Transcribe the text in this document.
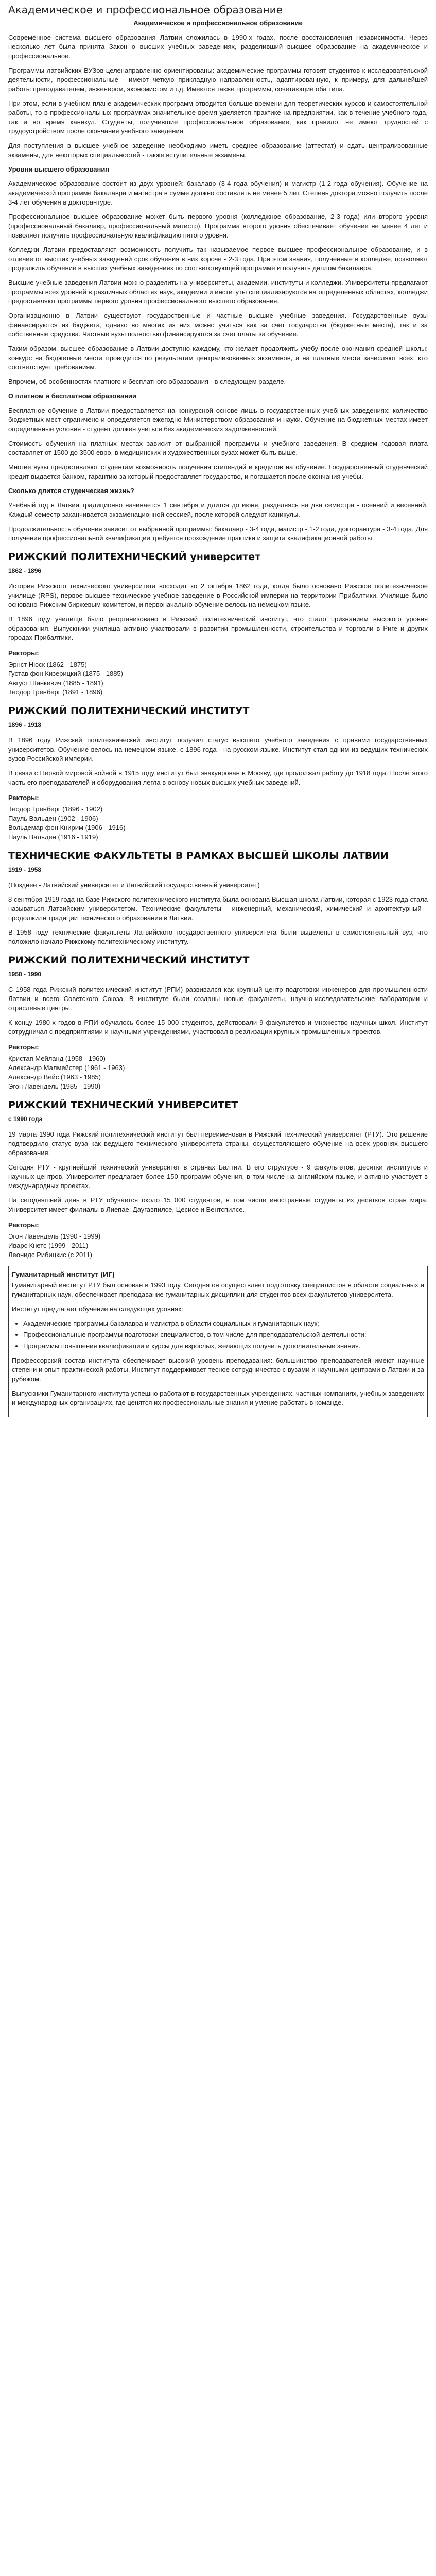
Академическое и профессиональное образование
Академическое и профессиональное образование

Современное система высшего образования Латвии сложилась в 1990-х годах, после восстановления независимости. Через несколько лет была принята Закон о высших учебных заведениях, разделивший высшее образование на академическое и профессиональное.

Программы латвийских ВУЗов целенаправленно ориентированы: академические программы готовят студентов к исследовательской деятельности, профессиональные - имеют четкую прикладную направленность, адаптированную, к примеру, для дальнейшей работы преподавателем, инженером, экономистом и т.д. Имеются также программы, сочетающие оба типа.

При этом, если в учебном плане академических программ отводится больше времени для теоретических курсов и самостоятельной работы, то в профессиональных программах значительное время уделяется практике на предприятии, как в течение учебного года, так и во время каникул. Студенты, получившие профессиональное образование, как правило, не имеют трудностей с трудоустройством после окончания учебного заведения.

Для поступления в высшее учебное заведение необходимо иметь среднее образование (аттестат) и сдать централизованные экзамены, для некоторых специальностей - также вступительные экзамены.

Уровни высшего образования

Академическое образование состоит из двух уровней: бакалавр (3-4 года обучения) и магистр (1-2 года обучения). Обучение на академической программе бакалавра и магистра в сумме должно составлять не менее 5 лет. Степень доктора можно получить после 3-4 лет обучения в докторантуре.

Профессиональное высшее образование может быть первого уровня (колледжное образование, 2-3 года) или второго уровня (профессиональный бакалавр, профессиональный магистр). Программа второго уровня обеспечивает обучение не менее 4 лет и позволяет получить профессиональную квалификацию пятого уровня.

Колледжи Латвии предоставляют возможность получить так называемое первое высшее профессиональное образование, и в отличие от высших учебных заведений срок обучения в них короче - 2-3 года. При этом знания, полученные в колледже, позволяют продолжить обучение в высших учебных заведениях по соответствующей программе и получить диплом бакалавра.

Высшие учебные заведения Латвии можно разделить на университеты, академии, институты и колледжи. Университеты предлагают программы всех уровней в различных областях наук, академии и институты специализируются на определенных областях, колледжи предоставляют программы первого уровня профессионального высшего образования.

Организационно в Латвии существуют государственные и частные высшие учебные заведения. Государственные вузы финансируются из бюджета, однако во многих из них можно учиться как за счет государства (бюджетные места), так и за собственные средства. Частные вузы полностью финансируются за счет платы за обучение.

Таким образом, высшее образование в Латвии доступно каждому, кто желает продолжить учебу после окончания средней школы: конкурс на бюджетные места проводится по результатам централизованных экзаменов, а на платные места зачисляют всех, кто соответствует требованиям.

Впрочем, об особенностях платного и бесплатного образования - в следующем разделе.

О платном и бесплатном образовании

Бесплатное обучение в Латвии предоставляется на конкурсной основе лишь в государственных учебных заведениях: количество бюджетных мест ограничено и определяется ежегодно Министерством образования и науки. Обучение на бюджетных местах имеет определенные условия - студент должен учиться без академических задолженностей.

Стоимость обучения на платных местах зависит от выбранной программы и учебного заведения. В среднем годовая плата составляет от 1500 до 3500 евро, в медицинских и художественных вузах может быть выше.

Многие вузы предоставляют студентам возможность получения стипендий и кредитов на обучение. Государственный студенческий кредит выдается банком, гарантию за который предоставляет государство, и погашается после окончания учебы.

Сколько длится студенческая жизнь?

Учебный год в Латвии традиционно начинается 1 сентября и длится до июня, разделяясь на два семестра - осенний и весенний. Каждый семестр заканчивается экзаменационной сессией, после которой следуют каникулы.

Продолжительность обучения зависит от выбранной программы: бакалавр - 3-4 года, магистр - 1-2 года, докторантура - 3-4 года. Для получения профессиональной квалификации требуется прохождение практики и защита квалификационной работы.

РИЖСКИЙ ПОЛИТЕХНИЧЕСКИЙ университет
1862 - 1896

История Рижского технического университета восходит ко 2 октября 1862 года, когда было основано Рижское политехническое училище (RPS), первое высшее техническое учебное заведение в Российской империи на территории Прибалтики. Училище было основано Рижским биржевым комитетом, и первоначально обучение велось на немецком языке.

В 1896 году училище было реорганизовано в Рижский политехнический институт, что стало признанием высокого уровня образования. Выпускники училища активно участвовали в развитии промышленности, строительства и торговли в Риге и других городах Прибалтики.

Ректоры:
Эрнст Нюск (1862 - 1875)
Густав фон Кизерицкий (1875 - 1885)
Август Шинкевич (1885 - 1891)
Теодор Грёнберг (1891 - 1896)
РИЖСКИЙ ПОЛИТЕХНИЧЕСКИЙ ИНСТИТУТ
1896 - 1918

В 1896 году Рижский политехнический институт получил статус высшего учебного заведения с правами государственных университетов. Обучение велось на немецком языке, с 1896 года - на русском языке. Институт стал одним из ведущих технических вузов Российской империи.

В связи с Первой мировой войной в 1915 году институт был эвакуирован в Москву, где продолжал работу до 1918 года. После этого часть его преподавателей и оборудования легла в основу новых высших учебных заведений.

Ректоры:
Теодор Грёнберг (1896 - 1902)
Пауль Вальден (1902 - 1906)
Вольдемар фон Книрим (1906 - 1916)
Пауль Вальден (1916 - 1919)
ТЕХНИЧЕСКИЕ ФАКУЛЬТЕТЫ В РАМКАХ ВЫСШЕЙ ШКОЛЫ ЛАТВИИ
1919 - 1958

(Позднее - Латвийский университет и Латвийский государственный университет)

8 сентября 1919 года на базе Рижского политехнического института была основана Высшая школа Латвии, которая с 1923 года стала называться Латвийским университетом. Технические факультеты - инженерный, механический, химический и архитектурный - продолжили традиции технического образования в Латвии.

В 1958 году технические факультеты Латвийского государственного университета были выделены в самостоятельный вуз, что положило начало Рижскому политехническому институту.

РИЖСКИЙ ПОЛИТЕХНИЧЕСКИЙ ИНСТИТУТ
1958 - 1990

С 1958 года Рижский политехнический институт (РПИ) развивался как крупный центр подготовки инженеров для промышленности Латвии и всего Советского Союза. В институте были созданы новые факультеты, научно-исследовательские лаборатории и отраслевые центры.

К концу 1980-х годов в РПИ обучалось более 15 000 студентов, действовали 9 факультетов и множество научных школ. Институт сотрудничал с предприятиями и научными учреждениями, участвовал в реализации крупных промышленных проектов.

Ректоры:
Кристап Мейланд (1958 - 1960)
Александр Малмейстер (1961 - 1963)
Александр Вейс (1963 - 1985)
Эгон Лавендель (1985 - 1990)
РИЖСКИЙ ТЕХНИЧЕСКИЙ УНИВЕРСИТЕТ
с 1990 года

19 марта 1990 года Рижский политехнический институт был переименован в Рижский технический университет (РТУ). Это решение подтвердило статус вуза как ведущего технического университета страны, осуществляющего обучение на всех уровнях высшего образования.

Сегодня РТУ - крупнейший технический университет в странах Балтии. В его структуре - 9 факультетов, десятки институтов и научных центров. Университет предлагает более 150 программ обучения, в том числе на английском языке, и активно участвует в международных проектах.

На сегодняшний день в РТУ обучается около 15 000 студентов, в том числе иностранные студенты из десятков стран мира. Университет имеет филиалы в Лиепае, Даугавпилсе, Цесисе и Вентспилсе.

Ректоры:
Эгон Лавендель (1990 - 1999)
Иварс Кнетс (1999 - 2011)
Леонидс Рибицкис (с 2011)
Гуманитарный институт (ИГ)

Гуманитарный институт РТУ был основан в 1993 году. Сегодня он осуществляет подготовку специалистов в области социальных и гуманитарных наук, обеспечивает преподавание гуманитарных дисциплин для студентов всех факультетов университета.

Институт предлагает обучение на следующих уровнях:

• Академические программы бакалавра и магистра в области социальных и гуманитарных наук;
• Профессиональные программы подготовки специалистов, в том числе для преподавательской деятельности;
• Программы повышения квалификации и курсы для взрослых, желающих получить дополнительные знания.

Профессорский состав института обеспечивает высокий уровень преподавания: большинство преподавателей имеют научные степени и опыт практической работы. Институт поддерживает тесное сотрудничество с вузами и научными центрами в Латвии и за рубежом.

Выпускники Гуманитарного института успешно работают в государственных учреждениях, частных компаниях, учебных заведениях и международных организациях, где ценятся их профессиональные знания и умение работать в команде.
